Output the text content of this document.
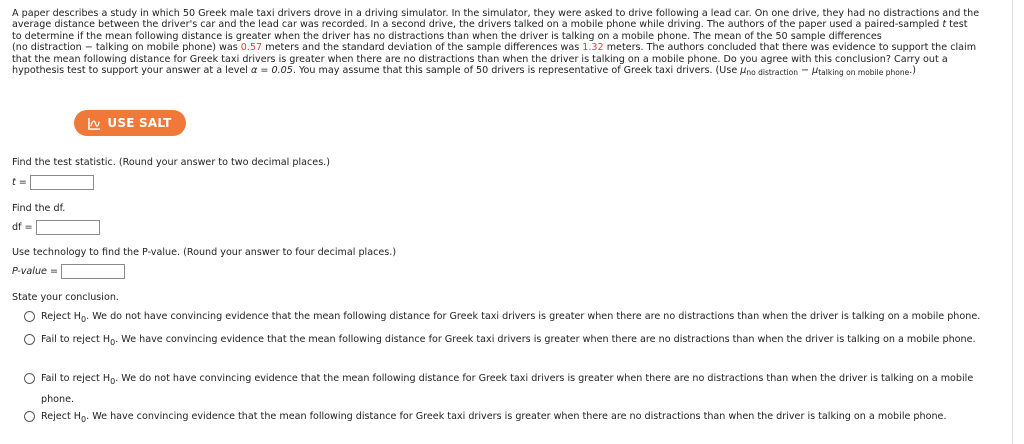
A paper describes a study in which 50 Greek male taxi drivers drove in a driving simulator. In the simulator, they were asked to drive following a lead car. On one drive, they had no distractions and the
average distance between the driver's car and the lead car was recorded. In a second drive, the drivers talked on a mobile phone while driving. The authors of the paper used a paired-sampled t test
to determine if the mean following distance is greater when the driver has no distractions than when the driver is talking on a mobile phone. The mean of the 50 sample differences
(no distraction − talking on mobile phone) was 0.57 meters and the standard deviation of the sample differences was 1.32 meters. The authors concluded that there was evidence to support the claim
that the mean following distance for Greek taxi drivers is greater when there are no distractions than when the driver is talking on a mobile phone. Do you agree with this conclusion? Carry out a
hypothesis test to support your answer at a level α = 0.05. You may assume that this sample of 50 drivers is representative of Greek taxi drivers. (Use $\mu_{no distraction} - \mu_{talking on mobile phone}$.)
USE SALT
Find the test statistic. (Round your answer to two decimal places.)
t =
Find the df.
df =
Use technology to find the P-value. (Round your answer to four decimal places.)
P-value =
State your conclusion.
Reject $H_0$. We do not have convincing evidence that the mean following distance for Greek taxi drivers is greater when there are no distractions than when the driver is talking on a mobile phone.
Fail to reject $H_0$. We have convincing evidence that the mean following distance for Greek taxi drivers is greater when there are no distractions than when the driver is talking on a mobile phone.
Fail to reject $H_0$. We do not have convincing evidence that the mean following distance for Greek taxi drivers is greater when there are no distractions than when the driver is talking on a mobile phone.
Reject $H_0$. We have convincing evidence that the mean following distance for Greek taxi drivers is greater when there are no distractions than when the driver is talking on a mobile phone.
